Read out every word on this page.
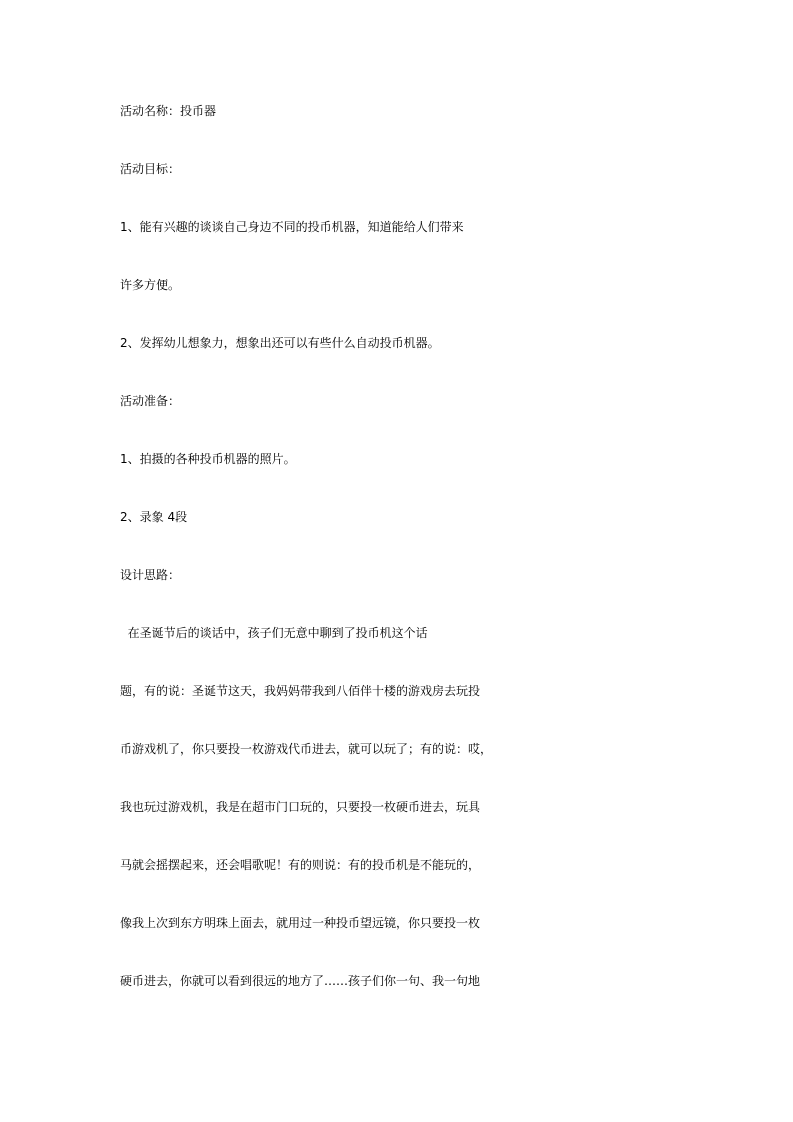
活动名称：投币器
活动目标：
1、能有兴趣的谈谈自己身边不同的投币机器，知道能给人们带来
许多方便。
2、发挥幼儿想象力，想象出还可以有些什么自动投币机器。
活动准备：
1、拍摄的各种投币机器的照片。
2、录象 4段
设计思路：
在圣诞节后的谈话中，孩子们无意中聊到了投币机这个话
题，有的说：圣诞节这天，我妈妈带我到八佰伴十楼的游戏房去玩投
币游戏机了，你只要投一枚游戏代币进去，就可以玩了；有的说：哎，
我也玩过游戏机，我是在超市门口玩的，只要投一枚硬币进去，玩具
马就会摇摆起来，还会唱歌呢！有的则说：有的投币机是不能玩的，
像我上次到东方明珠上面去，就用过一种投币望远镜，你只要投一枚
硬币进去，你就可以看到很远的地方了……孩子们你一句、我一句地
